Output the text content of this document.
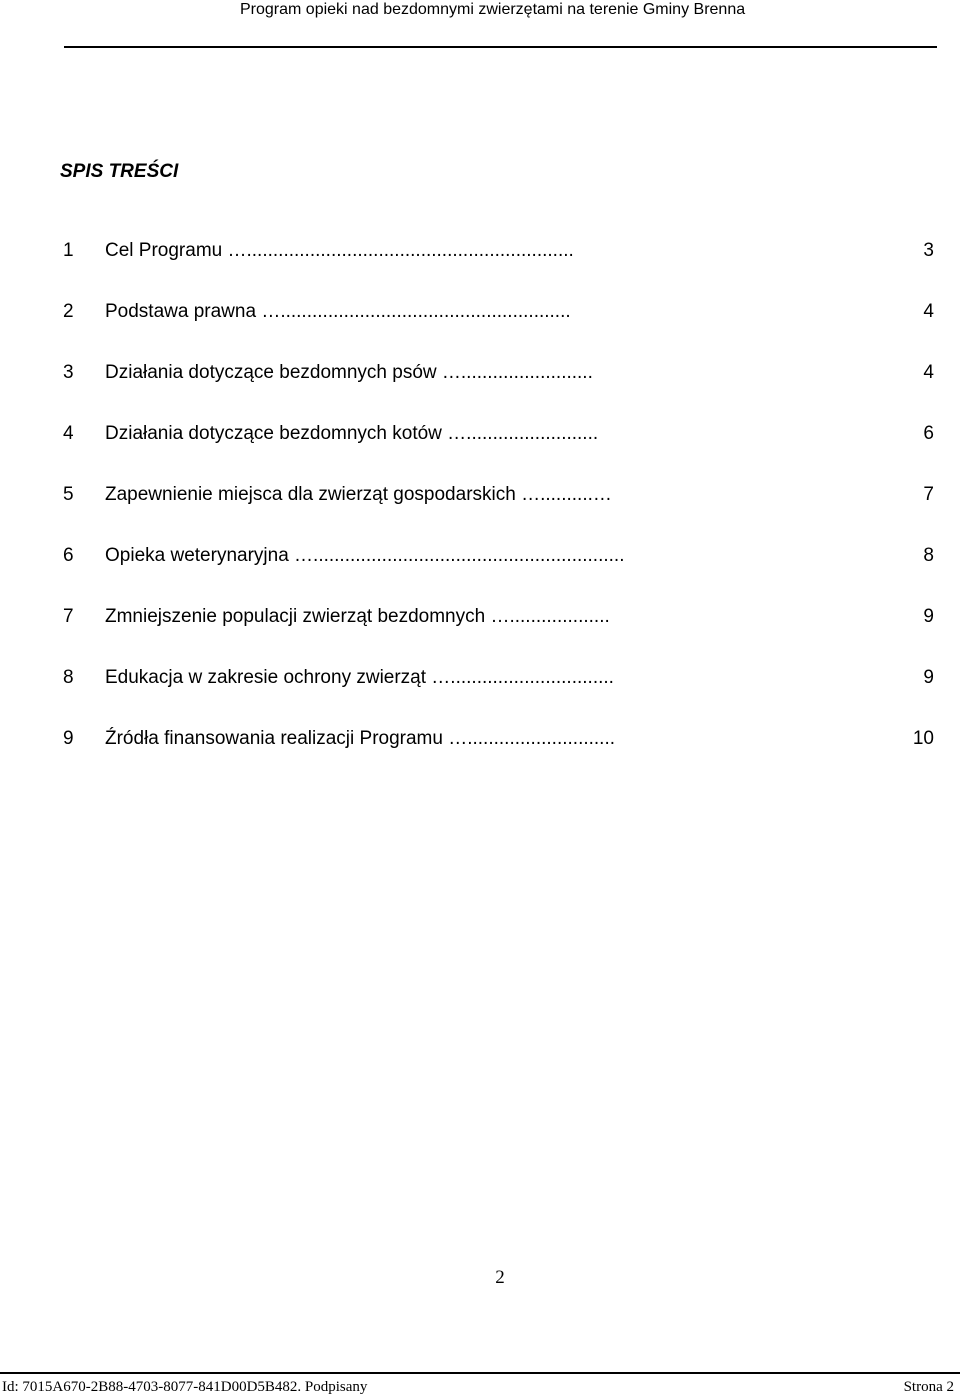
Program opieki nad bezdomnymi zwierzętami na terenie Gminy Brenna
SPIS TREŚCI
1 Cel Programu …..............................................................	3
2 Podstawa prawna ….......................................................	4
3 Działania dotyczące bezdomnych psów ….........................	4
4 Działania dotyczące bezdomnych kotów ….........................	6
5 Zapewnienie miejsca dla zwierząt gospodarskich …..........…	7
6 Opieka weterynaryjna …...........................................................	8
7 Zmniejszenie populacji zwierząt bezdomnych …...................	9
8 Edukacja w zakresie ochrony zwierząt …...............................	9
9 Źródła finansowania realizacji Programu …............................	10
2
Id: 7015A670-2B88-4703-8077-841D00D5B482. Podpisany	Strona 2
